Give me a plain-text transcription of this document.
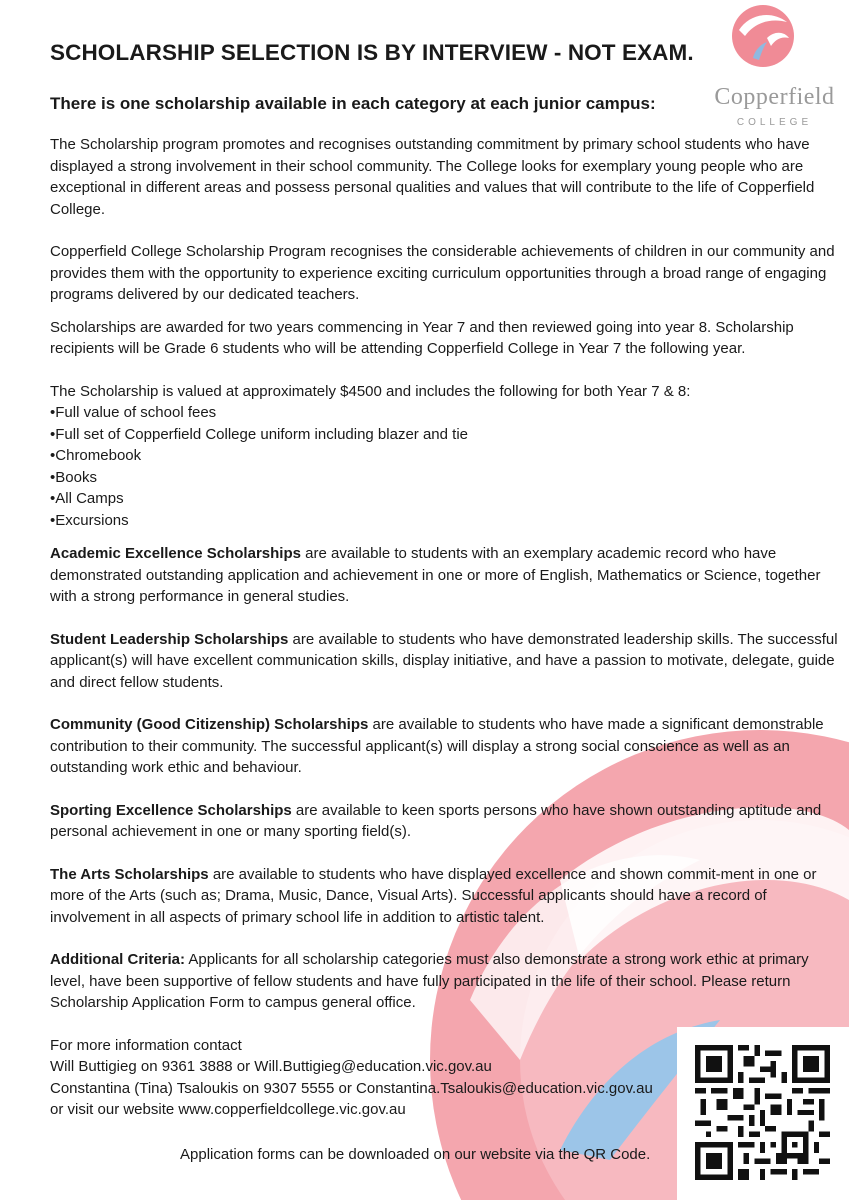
Copperfield
COLLEGE
SCHOLARSHIP SELECTION IS BY INTERVIEW - NOT EXAM.
There is one scholarship available in each category at each junior campus:

The Scholarship program promotes and recognises outstanding commitment by primary school students who have displayed a strong involvement in their school community. The College looks for exemplary young people who are exceptional in different areas and possess personal qualities and values that will contribute to the life of Copperfield College.

Copperfield College Scholarship Program recognises the considerable achievements of children in our community and provides them with the opportunity to experience exciting curriculum opportunities through a broad range of engaging programs delivered by our dedicated teachers.

Scholarships are awarded for two years commencing in Year 7 and then reviewed going into year 8. Scholarship recipients will be Grade 6 students who will be attending Copperfield College in Year 7 the following year.

The Scholarship is valued at approximately $4500 and includes the following for both Year 7 & 8:

• Full value of school fees
• Full set of Copperfield College uniform including blazer and tie
• Chromebook
• Books
• All Camps
• Excursions

Academic Excellence Scholarships are available to students with an exemplary academic record who have demonstrated outstanding application and achievement in one or more of English, Mathematics or Science, together with a strong performance in general studies.

Student Leadership Scholarships are available to students who have demonstrated leadership skills. The successful applicant(s) will have excellent communication skills, display initiative, and have a passion to motivate, delegate, guide and direct fellow students.

Community (Good Citizenship) Scholarships are available to students who have made a significant demonstrable contribution to their community. The successful applicant(s) will display a strong social conscience as well as an outstanding work ethic and behaviour.

Sporting Excellence Scholarships are available to keen sports persons who have shown outstanding aptitude and personal achievement in one or many sporting field(s).

The Arts Scholarships are available to students who have displayed excellence and shown commit-ment in one or more of the Arts (such as; Drama, Music, Dance, Visual Arts). Successful applicants should have a record of involvement in all aspects of primary school life in addition to artistic talent.

Additional Criteria: Applicants for all scholarship categories must also demonstrate a strong work ethic at primary level, have been supportive of fellow students and have fully participated in the life of their school. Please return Scholarship Application Form to campus general office.

For more information contact

Will Buttigieg on 9361 3888 or Will.Buttigieg@education.vic.gov.au

Constantina (Tina) Tsaloukis on 9307 5555 or Constantina.Tsaloukis@education.vic.gov.au

or visit our website www.copperfieldcollege.vic.gov.au

Application forms can be downloaded on our website via the QR Code.
